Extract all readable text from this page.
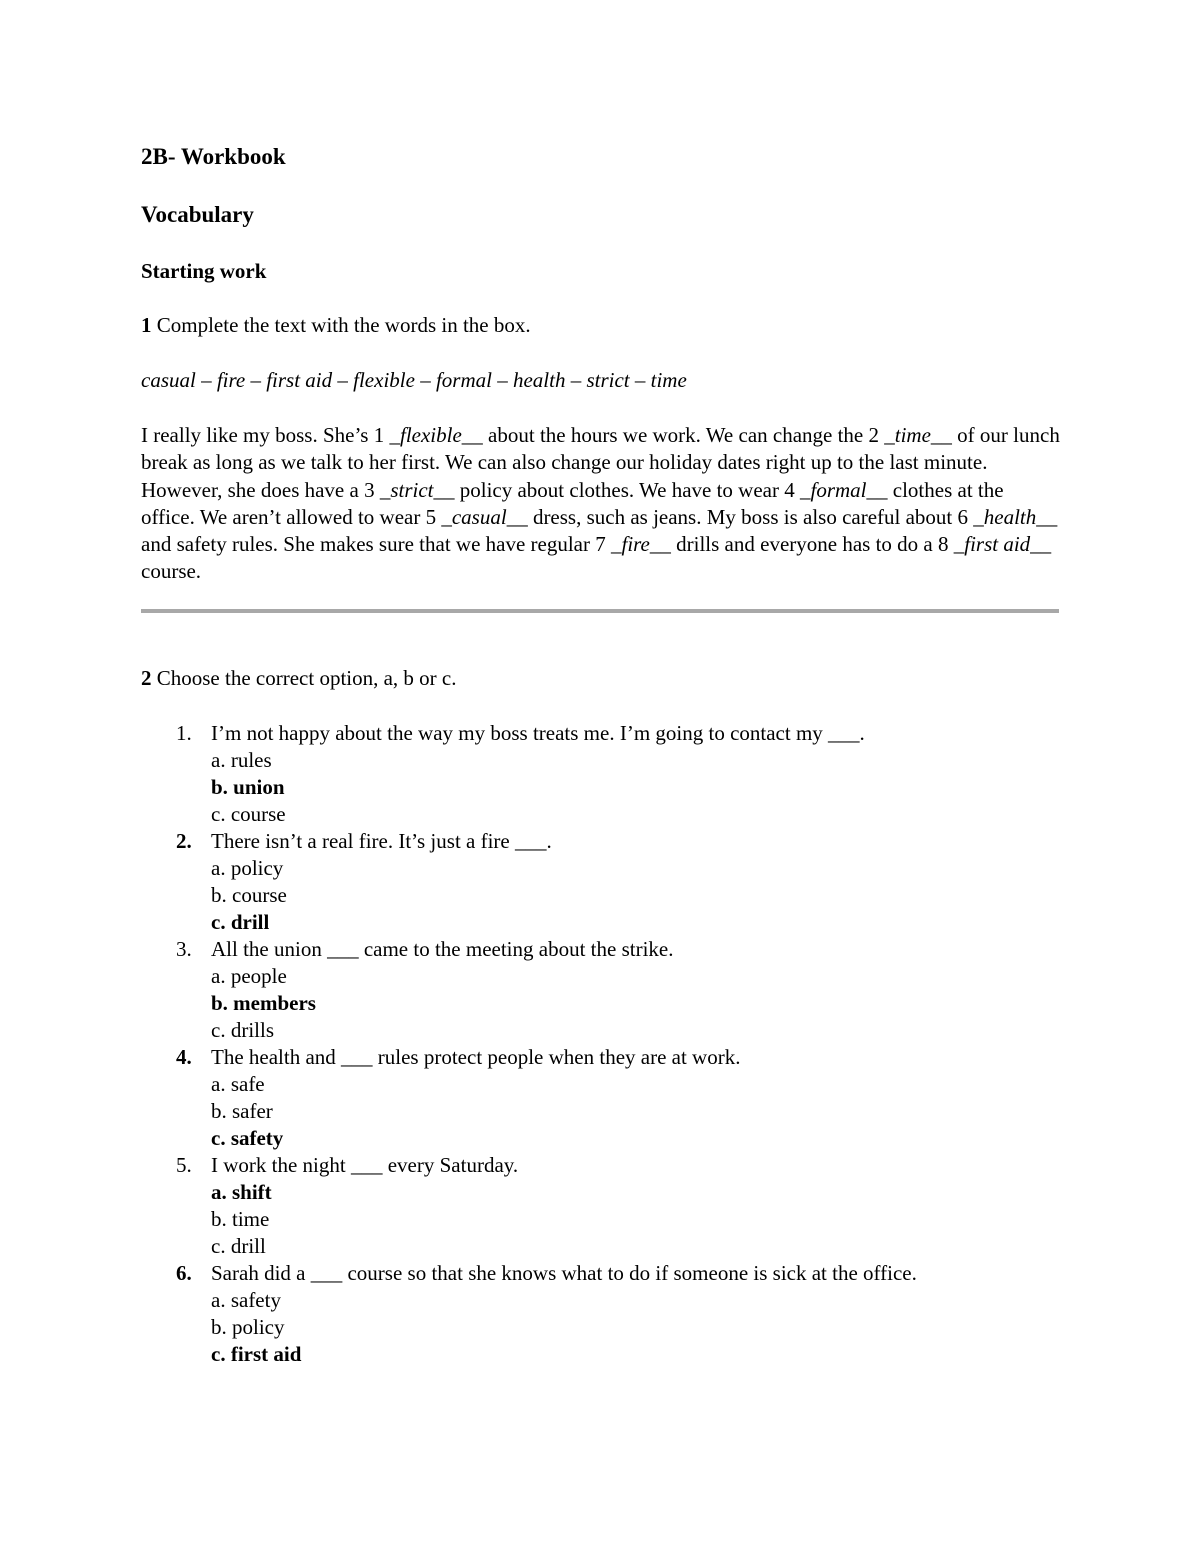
2B- Workbook
Vocabulary
Starting work
1 Complete the text with the words in the box.
casual – fire – first aid – flexible – formal – health – strict – time
I really like my boss. She’s 1 _flexible__ about the hours we work. We can change the 2 _time__ of our lunch break as long as we talk to her first. We can also change our holiday dates right up to the last minute. However, she does have a 3 _strict__ policy about clothes. We have to wear 4 _formal__ clothes at the office. We aren’t allowed to wear 5 _casual__ dress, such as jeans. My boss is also careful about 6 _health__ and safety rules. She makes sure that we have regular 7 _fire__ drills and everyone has to do a 8 _first aid__ course.
2 Choose the correct option, a, b or c.
1. I’m not happy about the way my boss treats me. I’m going to contact my ___.
a. rules
b. union
c. course
2. There isn’t a real fire. It’s just a fire ___.
a. policy
b. course
c. drill
3. All the union ___ came to the meeting about the strike.
a. people
b. members
c. drills
4. The health and ___ rules protect people when they are at work.
a. safe
b. safer
c. safety
5. I work the night ___ every Saturday.
a. shift
b. time
c. drill
6. Sarah did a ___ course so that she knows what to do if someone is sick at the office.
a. safety
b. policy
c. first aid
